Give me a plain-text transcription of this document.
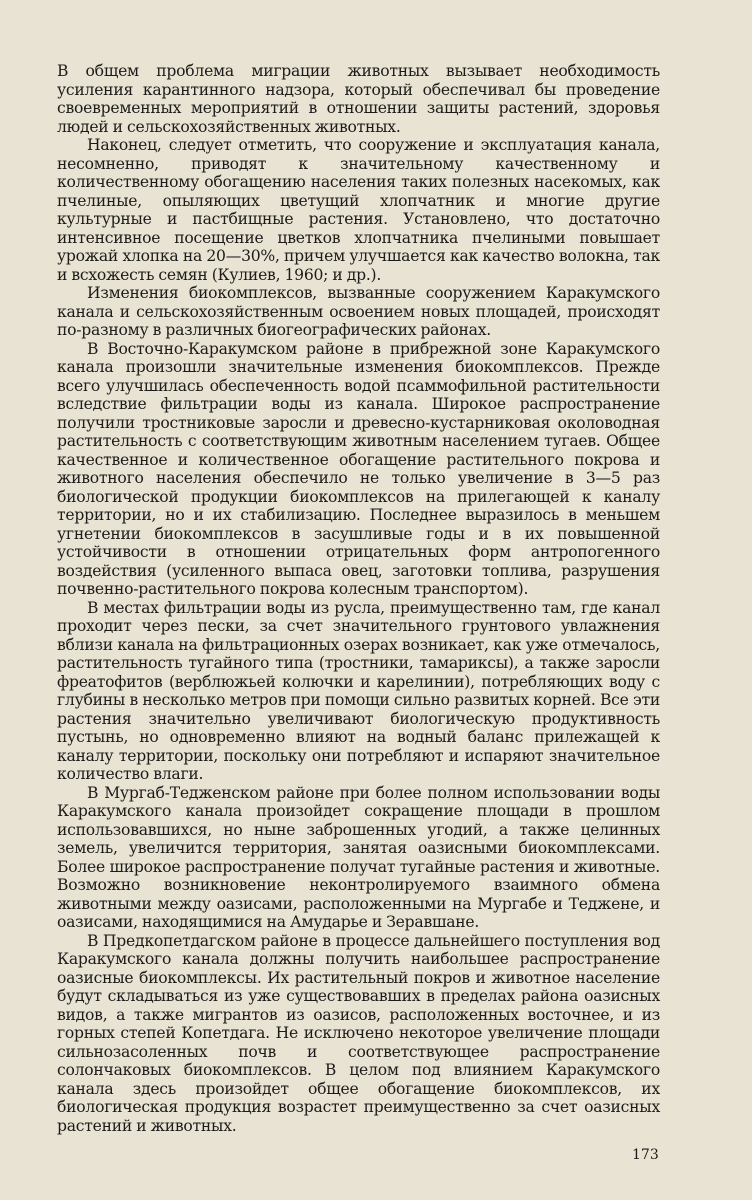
В общем проблема миграции животных вызывает необходимость усиления карантинного надзора, который обеспечивал бы проведение своевременных мероприятий в отношении защиты растений, здоровья людей и сельскохозяйственных животных.

Наконец, следует отметить, что сооружение и эксплуатация канала, несомненно, приводят к значительному качественному и количественному обогащению населения таких полезных насекомых, как пчелиные, опыляющих цветущий хлопчатник и многие другие культурные и пастбищные растения. Установлено, что достаточно интенсивное посещение цветков хлопчатника пчелиными повышает урожай хлопка на 20—30%, причем улучшается как качество волокна, так и всхожесть семян (Кулиев, 1960; и др.).

Изменения биокомплексов, вызванные сооружением Каракумского канала и сельскохозяйственным освоением новых площадей, происходят по-разному в различных биогеографических районах.

В Восточно-Каракумском районе в прибрежной зоне Каракумского канала произошли значительные изменения биокомплексов. Прежде всего улучшилась обеспеченность водой псаммофильной растительности вследствие фильтрации воды из канала. Широкое распространение получили тростниковые заросли и древесно-кустарниковая околоводная растительность с соответствующим животным населением тугаев. Общее качественное и количественное обогащение растительного покрова и животного населения обеспечило не только увеличение в 3—5 раз биологической продукции биокомплексов на прилегающей к каналу территории, но и их стабилизацию. Последнее выразилось в меньшем угнетении биокомплексов в засушливые годы и в их повышенной устойчивости в отношении отрицательных форм антропогенного воздействия (усиленного выпаса овец, заготовки топлива, разрушения почвенно-растительного покрова колесным транспортом).

В местах фильтрации воды из русла, преимущественно там, где канал проходит через пески, за счет значительного грунтового увлажнения вблизи канала на фильтрационных озерах возникает, как уже отмечалось, растительность тугайного типа (тростники, тамариксы), а также заросли фреатофитов (верблюжьей колючки и карелинии), потребляющих воду с глубины в несколько метров при помощи сильно развитых корней. Все эти растения значительно увеличивают биологическую продуктивность пустынь, но одновременно влияют на водный баланс прилежащей к каналу территории, поскольку они потребляют и испаряют значительное количество влаги.

В Мургаб-Тедженском районе при более полном использовании воды Каракумского канала произойдет сокращение площади в прошлом использовавшихся, но ныне заброшенных угодий, а также целинных земель, увеличится территория, занятая оазисными биокомплексами. Более широкое распространение получат тугайные растения и животные. Возможно возникновение неконтролируемого взаимного обмена животными между оазисами, расположенными на Мургабе и Теджене, и оазисами, находящимися на Амударье и Зеравшане.

В Предкопетдагском районе в процессе дальнейшего поступления вод Каракумского канала должны получить наибольшее распространение оазисные биокомплексы. Их растительный покров и животное население будут складываться из уже существовавших в пределах района оазисных видов, а также мигрантов из оазисов, расположенных восточнее, и из горных степей Копетдага. Не исключено некоторое увеличение площади сильнозасоленных почв и соответствующее распространение солончаковых биокомплексов. В целом под влиянием Каракумского канала здесь произойдет общее обогащение биокомплексов, их биологическая продукция возрастет преимущественно за счет оазисных растений и животных.

173
